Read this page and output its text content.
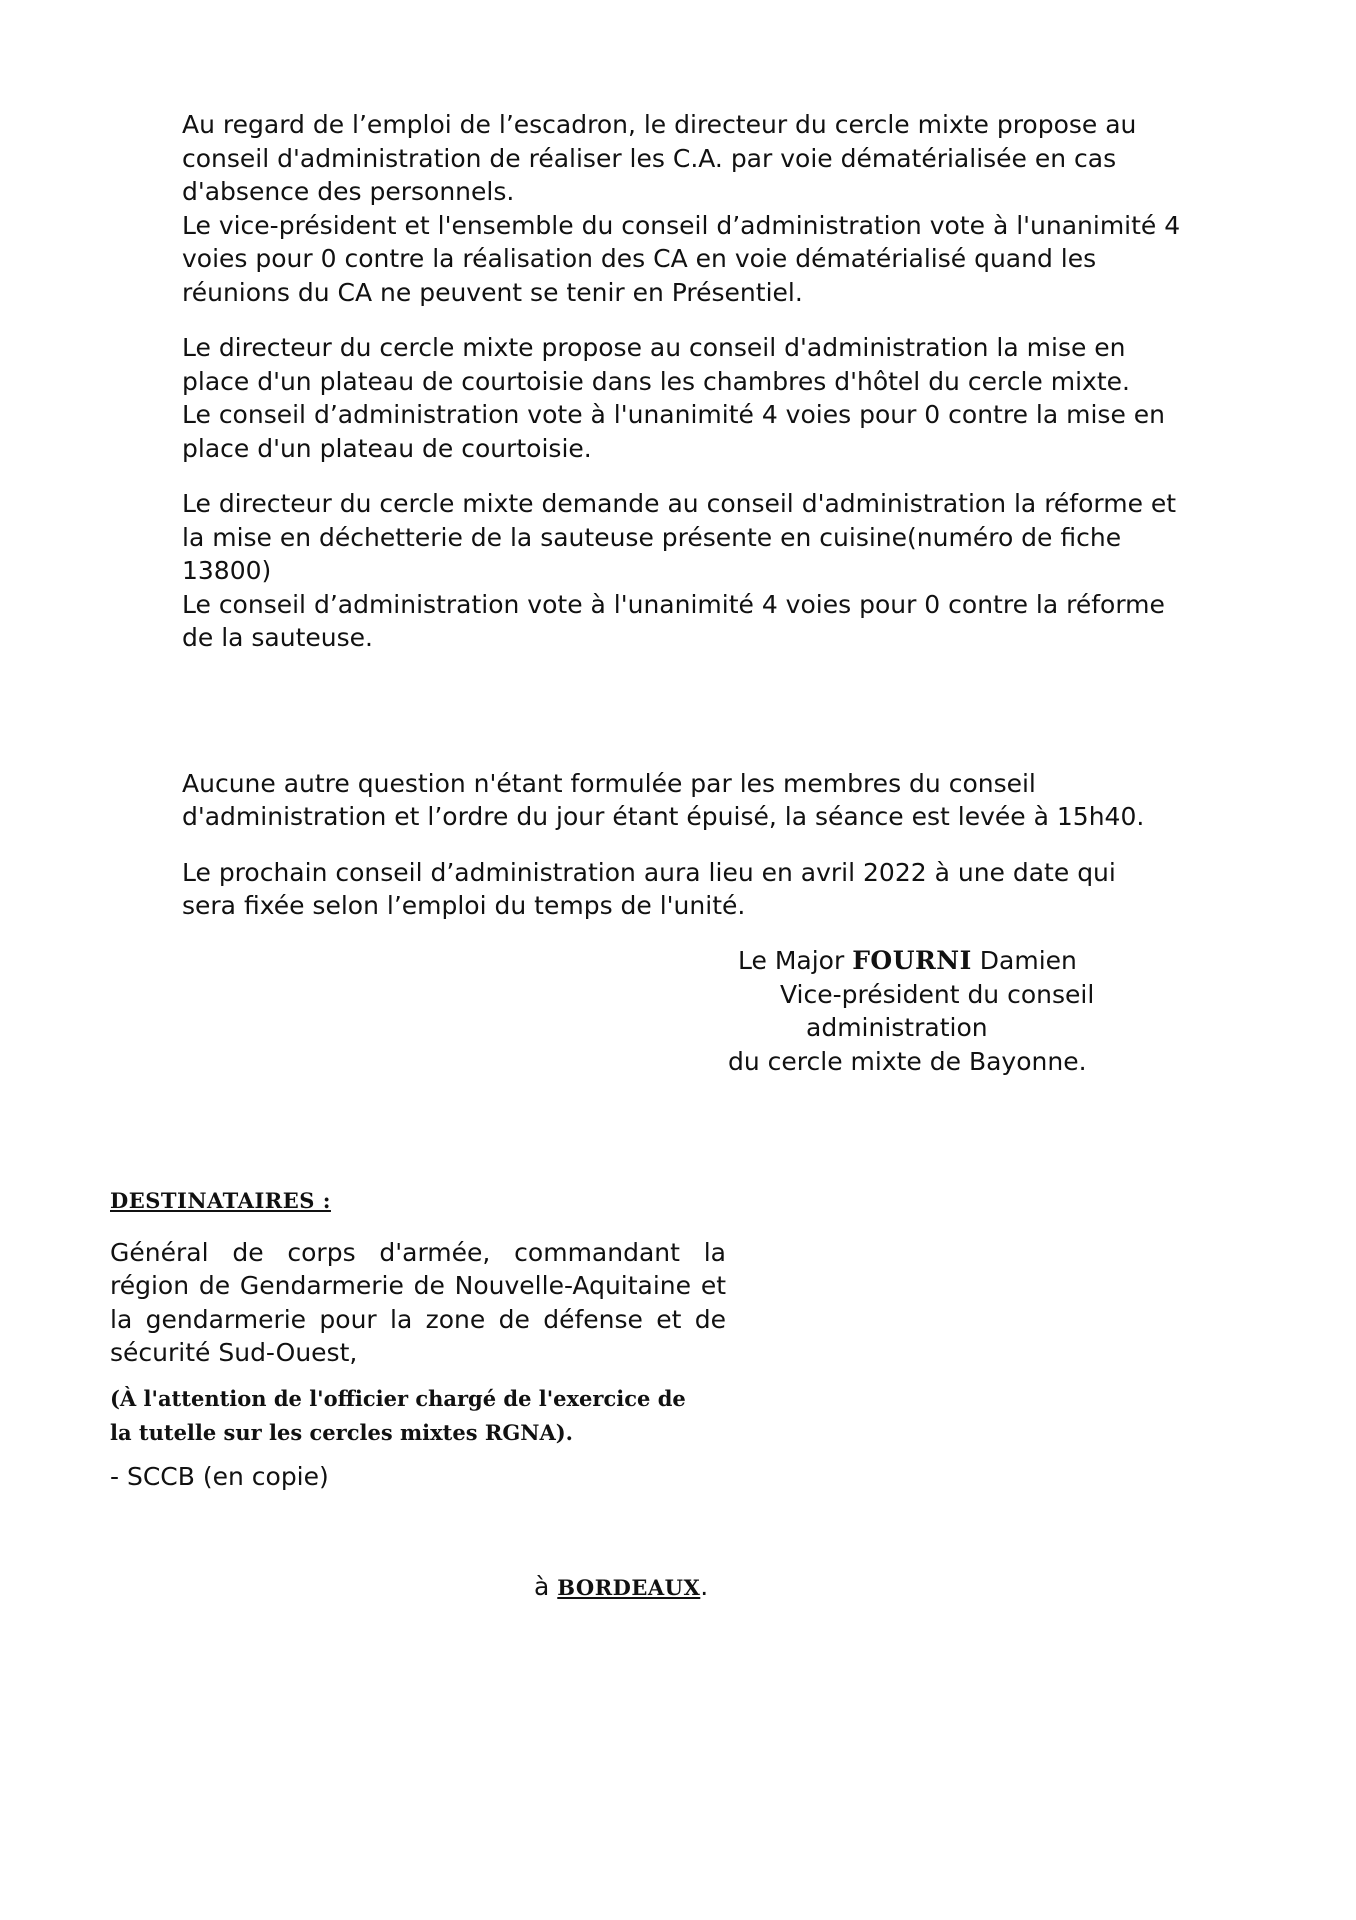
Au regard de l’emploi de l’escadron, le directeur du cercle mixte propose au
conseil d'administration de réaliser les C.A. par voie dématérialisée en cas
d'absence des personnels.
Le vice-président et l'ensemble du conseil d’administration vote à l'unanimité 4
voies pour 0 contre la réalisation des CA en voie dématérialisé quand les
réunions du CA ne peuvent se tenir en Présentiel.

Le directeur du cercle mixte propose au conseil d'administration la mise en
place d'un plateau de courtoisie dans les chambres d'hôtel du cercle mixte.
Le conseil d’administration vote à l'unanimité 4 voies pour 0 contre la mise en
place d'un plateau de courtoisie.

Le directeur du cercle mixte demande au conseil d'administration la réforme et
la mise en déchetterie de la sauteuse présente en cuisine(numéro de fiche
13800)
Le conseil d’administration vote à l'unanimité 4 voies pour 0 contre la réforme
de la sauteuse.

Aucune autre question n'étant formulée par les membres du conseil
d'administration et l’ordre du jour étant épuisé, la séance est levée à 15h40.

Le prochain conseil d’administration aura lieu en avril 2022 à une date qui
sera fixée selon l’emploi du temps de l'unité.

Le Major FOURNI Damien
Vice-président du conseil
administration
du cercle mixte de Bayonne.
DESTINATAIRES :
Général de corps d'armée, commandant la région de Gendarmerie de Nouvelle-Aquitaine et la gendarmerie pour la zone de défense et de sécurité Sud-Ouest,
(À l'attention de l'officier chargé de l'exercice de
la tutelle sur les cercles mixtes RGNA).
- SCCB (en copie)
à BORDEAUX.
